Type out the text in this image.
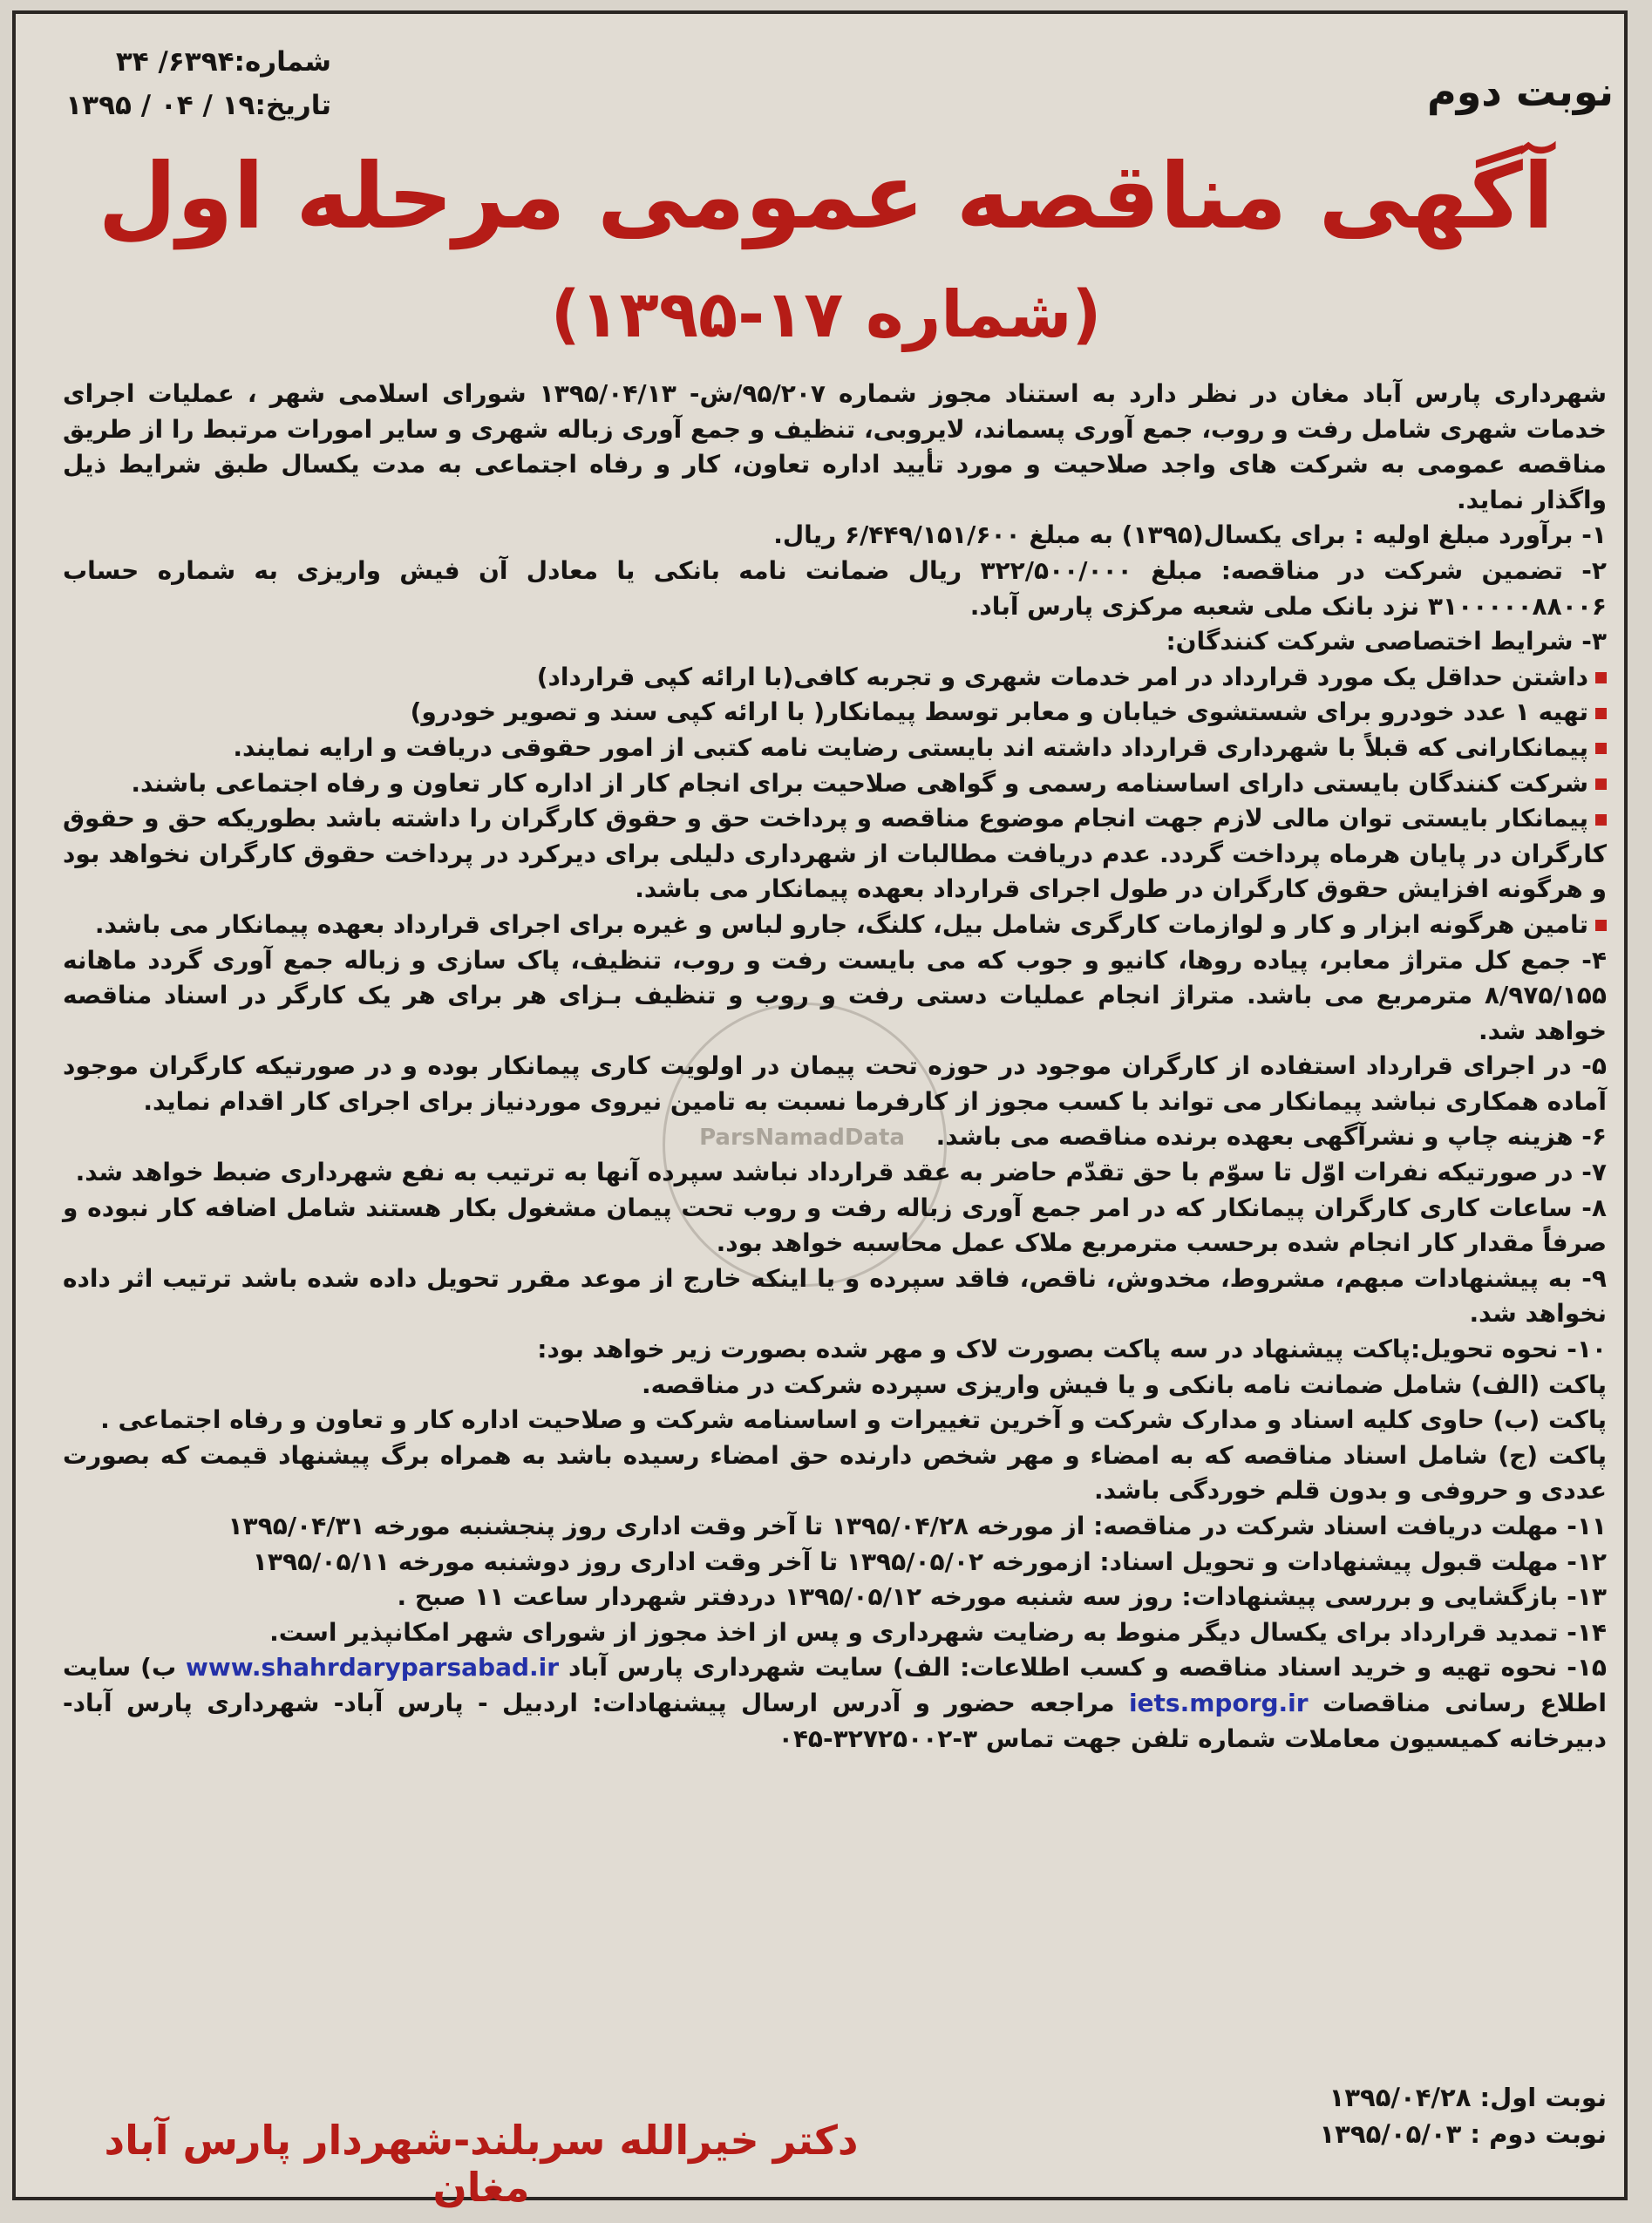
شماره:۶۳۹۴/ ۳۴
تاریخ:۱۹ / ۰۴ / ۱۳۹۵	نوبت دوم
آگهی مناقصه عمومی مرحله اول
(شماره ۱۷-۱۳۹۵)
ParsNamadData

شهرداری پارس آباد مغان در نظر دارد به استناد مجوز شماره ۹۵/۲۰۷/ش- ۱۳۹۵/۰۴/۱۳ شورای اسلامی شهر ، عملیات اجرای خدمات شهری شامل رفت و روب، جمع آوری پسماند، لایروبی، تنظیف و جمع آوری زباله شهری و سایر امورات مرتبط را از طریق مناقصه عمومی به شرکت های واجد صلاحیت و مورد تأیید اداره تعاون، کار و رفاه اجتماعی به مدت یکسال طبق شرایط ذیل واگذار نماید.

۱- برآورد مبلغ اولیه : برای یکسال(۱۳۹۵) به مبلغ ۶/۴۴۹/۱۵۱/۶۰۰ ریال.

۲- تضمین شرکت در مناقصه: مبلغ ۳۲۲/۵۰۰/۰۰۰ ریال ضمانت نامه بانکی یا معادل آن فیش واریزی به شماره حساب ۳۱۰۰۰۰۰۸۸۰۰۶ نزد بانک ملی شعبه مرکزی پارس آباد.

۳- شرایط اختصاصی شرکت کنندگان:

داشتن حداقل یک مورد قرارداد در امر خدمات شهری و تجربه کافی(با ارائه کپی قرارداد)

تهیه ۱ عدد خودرو برای شستشوی خیابان و معابر توسط پیمانکار( با ارائه کپی سند و تصویر خودرو)

پیمانکارانی که قبلاً با شهرداری قرارداد داشته اند بایستی رضایت نامه کتبی از امور حقوقی دریافت و ارایه نمایند.

شرکت کنندگان بایستی دارای اساسنامه رسمی و گواهی صلاحیت برای انجام کار از اداره کار تعاون و رفاه اجتماعی باشند.

پیمانکار بایستی توان مالی لازم جهت انجام موضوع مناقصه و پرداخت حق و حقوق کارگران را داشته باشد بطوریکه حق و حقوق کارگران در پایان هرماه پرداخت گردد. عدم دریافت مطالبات از شهرداری دلیلی برای دیرکرد در پرداخت حقوق کارگران نخواهد بود و هرگونه افزایش حقوق کارگران در طول اجرای قرارداد بعهده پیمانکار می باشد.

تامین هرگونه ابزار و کار و لوازمات کارگری شامل بیل، کلنگ، جارو لباس و غیره برای اجرای قرارداد بعهده پیمانکار می باشد.

۴- جمع کل متراژ معابر، پیاده روها، کانیو و جوب که می بایست رفت و روب، تنظیف، پاک سازی و زباله جمع آوری گردد ماهانه ۸/۹۷۵/۱۵۵ مترمربع می باشد. متراژ انجام عملیات دستی رفت و روب و تنظیف بـزای هر برای هر یک کارگر در اسناد مناقصه خواهد شد.

۵- در اجرای قرارداد استفاده از کارگران موجود در حوزه تحت پیمان در اولویت کاری پیمانکار بوده و در صورتیکه کارگران موجود آماده همکاری نباشد پیمانکار می تواند با کسب مجوز از کارفرما نسبت به تامین نیروی موردنیاز برای اجرای کار اقدام نماید.

۶- هزینه چاپ و نشرآگهی بعهده برنده مناقصه می باشد.

۷- در صورتیکه نفرات اوّل تا سوّم با حق تقدّم حاضر به عقد قرارداد نباشد سپرده آنها به ترتیب به نفع شهرداری ضبط خواهد شد.

۸- ساعات کاری کارگران پیمانکار که در امر جمع آوری زباله رفت و روب تحت پیمان مشغول بکار هستند شامل اضافه کار نبوده و صرفاً مقدار کار انجام شده برحسب مترمربع ملاک عمل محاسبه خواهد بود.

۹- به پیشنهادات مبهم، مشروط، مخدوش، ناقص، فاقد سپرده و یا اینکه خارج از موعد مقرر تحویل داده شده باشد ترتیب اثر داده نخواهد شد.

۱۰- نحوه تحویل:پاکت پیشنهاد در سه پاکت بصورت لاک و مهر شده بصورت زیر خواهد بود:

پاکت (الف) شامل ضمانت نامه بانکی و یا فیش واریزی سپرده شرکت در مناقصه.

پاکت (ب) حاوی کلیه اسناد و مدارک شرکت و آخرین تغییرات و اساسنامه شرکت و صلاحیت اداره کار و تعاون و رفاه اجتماعی .

پاکت (ج) شامل اسناد مناقصه که به امضاء و مهر شخص دارنده حق امضاء رسیده باشد به همراه برگ پیشنهاد قیمت که بصورت عددی و حروفی و بدون قلم خوردگی باشد.

۱۱- مهلت دریافت اسناد شرکت در مناقصه: از مورخه ۱۳۹۵/۰۴/۲۸ تا آخر وقت اداری روز پنجشنبه مورخه ۱۳۹۵/۰۴/۳۱

۱۲- مهلت قبول پیشنهادات و تحویل اسناد: ازمورخه ۱۳۹۵/۰۵/۰۲ تا آخر وقت اداری روز دوشنبه مورخه ۱۳۹۵/۰۵/۱۱

۱۳- بازگشایی و بررسی پیشنهادات: روز سه شنبه مورخه ۱۳۹۵/۰۵/۱۲ دردفتر شهردار ساعت ۱۱ صبح .

۱۴- تمدید قرارداد برای یکسال دیگر منوط به رضایت شهرداری و پس از اخذ مجوز از شورای شهر امکانپذیر است.

۱۵- نحوه تهیه و خرید اسناد مناقصه و کسب اطلاعات: الف) سایت شهرداری پارس آباد www.shahrdaryparsabad.ir ب) سایت اطلاع رسانی مناقصات iets.mporg.ir مراجعه حضور و آدرس ارسال پیشنهادات: اردبیل - پارس آباد- شهرداری پارس آباد- دبیرخانه کمیسیون معاملات شماره تلفن جهت تماس ۳-۳۲۷۲۵۰۰۲-۰۴۵

نوبت اول: ۱۳۹۵/۰۴/۲۸
نوبت دوم : ۱۳۹۵/۰۵/۰۳
دکتر خیرالله سربلند-شهردار پارس آباد مغان
